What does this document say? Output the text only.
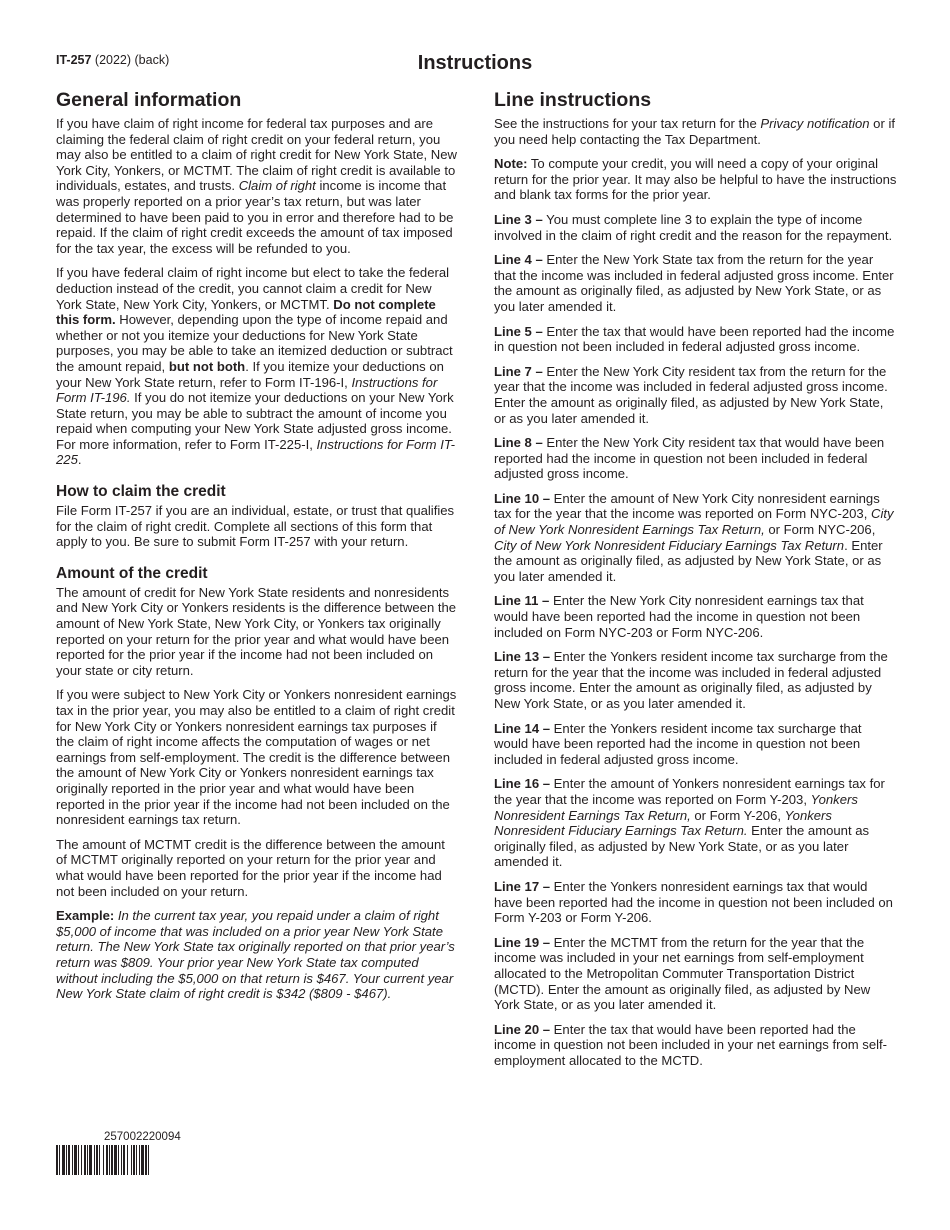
IT-257 (2022) (back)	Instructions
General information

If you have claim of right income for federal tax purposes and are claiming the federal claim of right credit on your federal return, you may also be entitled to a claim of right credit for New York State, New York City, Yonkers, or MCTMT. The claim of right credit is available to individuals, estates, and trusts. Claim of right income is income that was properly reported on a prior year’s tax return, but was later determined to have been paid to you in error and therefore had to be repaid. If the claim of right credit exceeds the amount of tax imposed for the tax year, the excess will be refunded to you.

If you have federal claim of right income but elect to take the federal deduction instead of the credit, you cannot claim a credit for New York State, New York City, Yonkers, or MCTMT. Do not complete this form. However, depending upon the type of income repaid and whether or not you itemize your deductions for New York State purposes, you may be able to take an itemized deduction or subtract the amount repaid, but not both. If you itemize your deductions on your New York State return, refer to Form IT-196-I, Instructions for Form IT-196. If you do not itemize your deductions on your New York State return, you may be able to subtract the amount of income you repaid when computing your New York State adjusted gross income. For more information, refer to Form IT-225-I, Instructions for Form IT-225.

How to claim the credit

File Form IT-257 if you are an individual, estate, or trust that qualifies for the claim of right credit. Complete all sections of this form that apply to you. Be sure to submit Form IT-257 with your return.

Amount of the credit

The amount of credit for New York State residents and nonresidents and New York City or Yonkers residents is the difference between the amount of New York State, New York City, or Yonkers tax originally reported on your return for the prior year and what would have been reported for the prior year if the income had not been included on your state or city return.

If you were subject to New York City or Yonkers nonresident earnings tax in the prior year, you may also be entitled to a claim of right credit for New York City or Yonkers nonresident earnings tax purposes if the claim of right income affects the computation of wages or net earnings from self-employment. The credit is the difference between the amount of New York City or Yonkers nonresident earnings tax originally reported in the prior year and what would have been reported in the prior year if the income had not been included on the nonresident earnings tax return.

The amount of MCTMT credit is the difference between the amount of MCTMT originally reported on your return for the prior year and what would have been reported for the prior year if the income had not been included on your return.

Example: In the current tax year, you repaid under a claim of right $5,000 of income that was included on a prior year New York State return. The New York State tax originally reported on that prior year’s return was $809. Your prior year New York State tax computed without including the $5,000 on that return is $467. Your current year New York State claim of right credit is $342 ($809 - $467).

Line instructions

See the instructions for your tax return for the Privacy notification or if you need help contacting the Tax Department.

Note: To compute your credit, you will need a copy of your original return for the prior year. It may also be helpful to have the instructions and blank tax forms for the prior year.

Line 3 – You must complete line 3 to explain the type of income involved in the claim of right credit and the reason for the repayment.

Line 4 – Enter the New York State tax from the return for the year that the income was included in federal adjusted gross income. Enter the amount as originally filed, as adjusted by New York State, or as you later amended it.

Line 5 – Enter the tax that would have been reported had the income in question not been included in federal adjusted gross income.

Line 7 – Enter the New York City resident tax from the return for the year that the income was included in federal adjusted gross income. Enter the amount as originally filed, as adjusted by New York State, or as you later amended it.

Line 8 – Enter the New York City resident tax that would have been reported had the income in question not been included in federal adjusted gross income.

Line 10 – Enter the amount of New York City nonresident earnings tax for the year that the income was reported on Form NYC-203, City of New York Nonresident Earnings Tax Return, or Form NYC-206, City of New York Nonresident Fiduciary Earnings Tax Return. Enter the amount as originally filed, as adjusted by New York State, or as you later amended it.

Line 11 – Enter the New York City nonresident earnings tax that would have been reported had the income in question not been included on Form NYC-203 or Form NYC-206.

Line 13 – Enter the Yonkers resident income tax surcharge from the return for the year that the income was included in federal adjusted gross income. Enter the amount as originally filed, as adjusted by New York State, or as you later amended it.

Line 14 – Enter the Yonkers resident income tax surcharge that would have been reported had the income in question not been included in federal adjusted gross income.

Line 16 – Enter the amount of Yonkers nonresident earnings tax for the year that the income was reported on Form Y-203, Yonkers Nonresident Earnings Tax Return, or Form Y-206, Yonkers Nonresident Fiduciary Earnings Tax Return. Enter the amount as originally filed, as adjusted by New York State, or as you later amended it.

Line 17 – Enter the Yonkers nonresident earnings tax that would have been reported had the income in question not been included on Form Y-203 or Form Y-206.

Line 19 – Enter the MCTMT from the return for the year that the income was included in your net earnings from self-employment allocated to the Metropolitan Commuter Transportation District (MCTD). Enter the amount as originally filed, as adjusted by New York State, or as you later amended it.

Line 20 – Enter the tax that would have been reported had the income in question not been included in your net earnings from self-employment allocated to the MCTD.

257002220094
